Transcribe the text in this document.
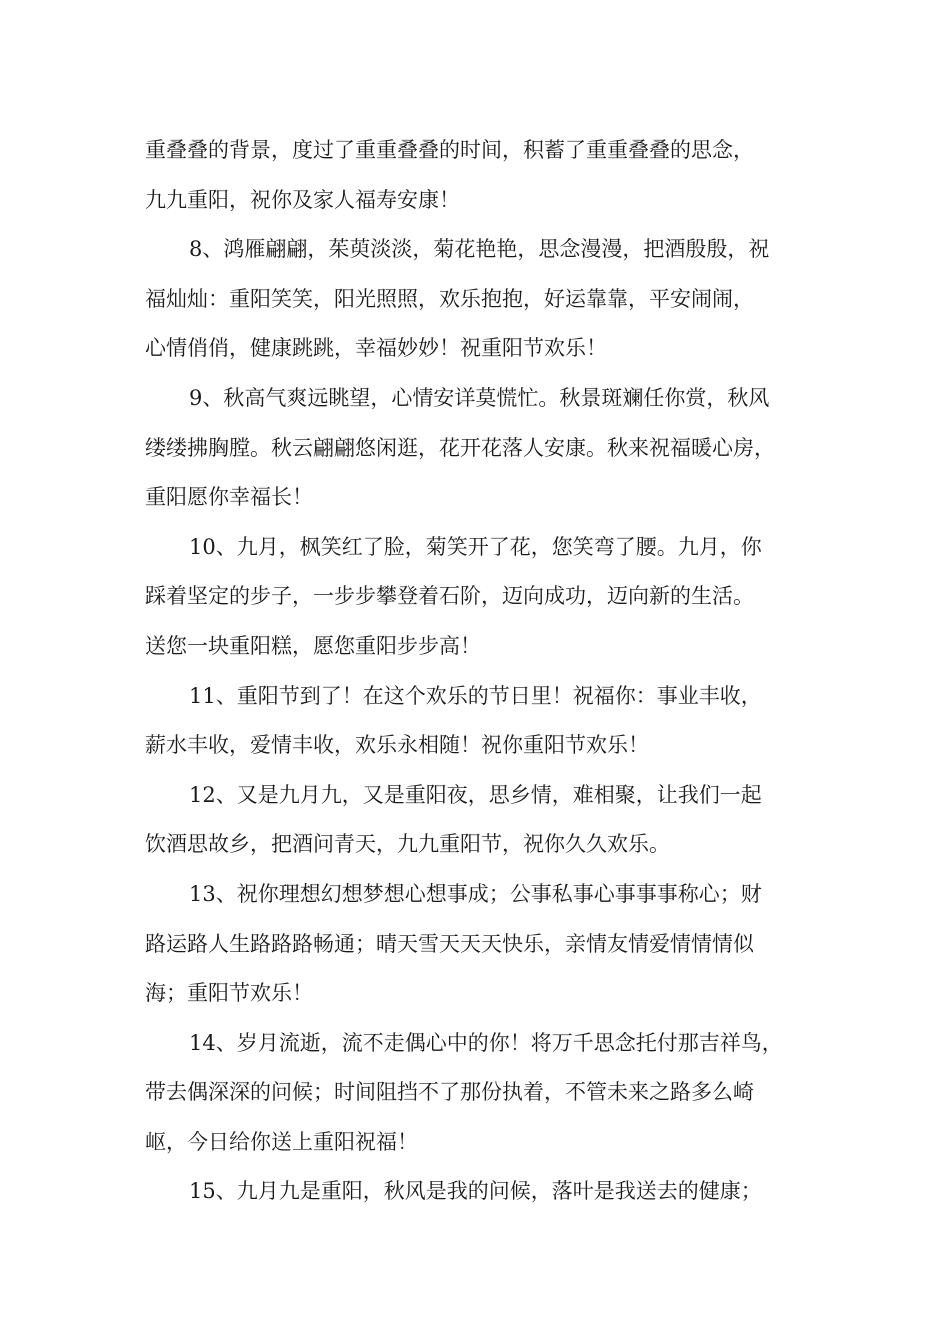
重叠叠的背景，度过了重重叠叠的时间，积蓄了重重叠叠的思念，
九九重阳，祝你及家人福寿安康！
8、鸿雁翩翩，茱萸淡淡，菊花艳艳，思念漫漫，把酒殷殷，祝
福灿灿：重阳笑笑，阳光照照，欢乐抱抱，好运靠靠，平安闹闹，
心情俏俏，健康跳跳，幸福妙妙！祝重阳节欢乐！
9、秋高气爽远眺望，心情安详莫慌忙。秋景斑斓任你赏，秋风
缕缕拂胸膛。秋云翩翩悠闲逛，花开花落人安康。秋来祝福暖心房，
重阳愿你幸福长！
10、九月，枫笑红了脸，菊笑开了花，您笑弯了腰。九月，你
踩着坚定的步子，一步步攀登着石阶，迈向成功，迈向新的生活。
送您一块重阳糕，愿您重阳步步高！
11、重阳节到了！在这个欢乐的节日里！祝福你：事业丰收，
薪水丰收，爱情丰收，欢乐永相随！祝你重阳节欢乐！
12、又是九月九，又是重阳夜，思乡情，难相聚，让我们一起
饮酒思故乡，把酒问青天，九九重阳节，祝你久久欢乐。
13、祝你理想幻想梦想心想事成；公事私事心事事事称心；财
路运路人生路路路畅通；晴天雪天天天快乐，亲情友情爱情情情似
海；重阳节欢乐！
14、岁月流逝，流不走偶心中的你！将万千思念托付那吉祥鸟，
带去偶深深的问候；时间阻挡不了那份执着，不管未来之路多么崎
岖，今日给你送上重阳祝福！
15、九月九是重阳，秋风是我的问候，落叶是我送去的健康；
